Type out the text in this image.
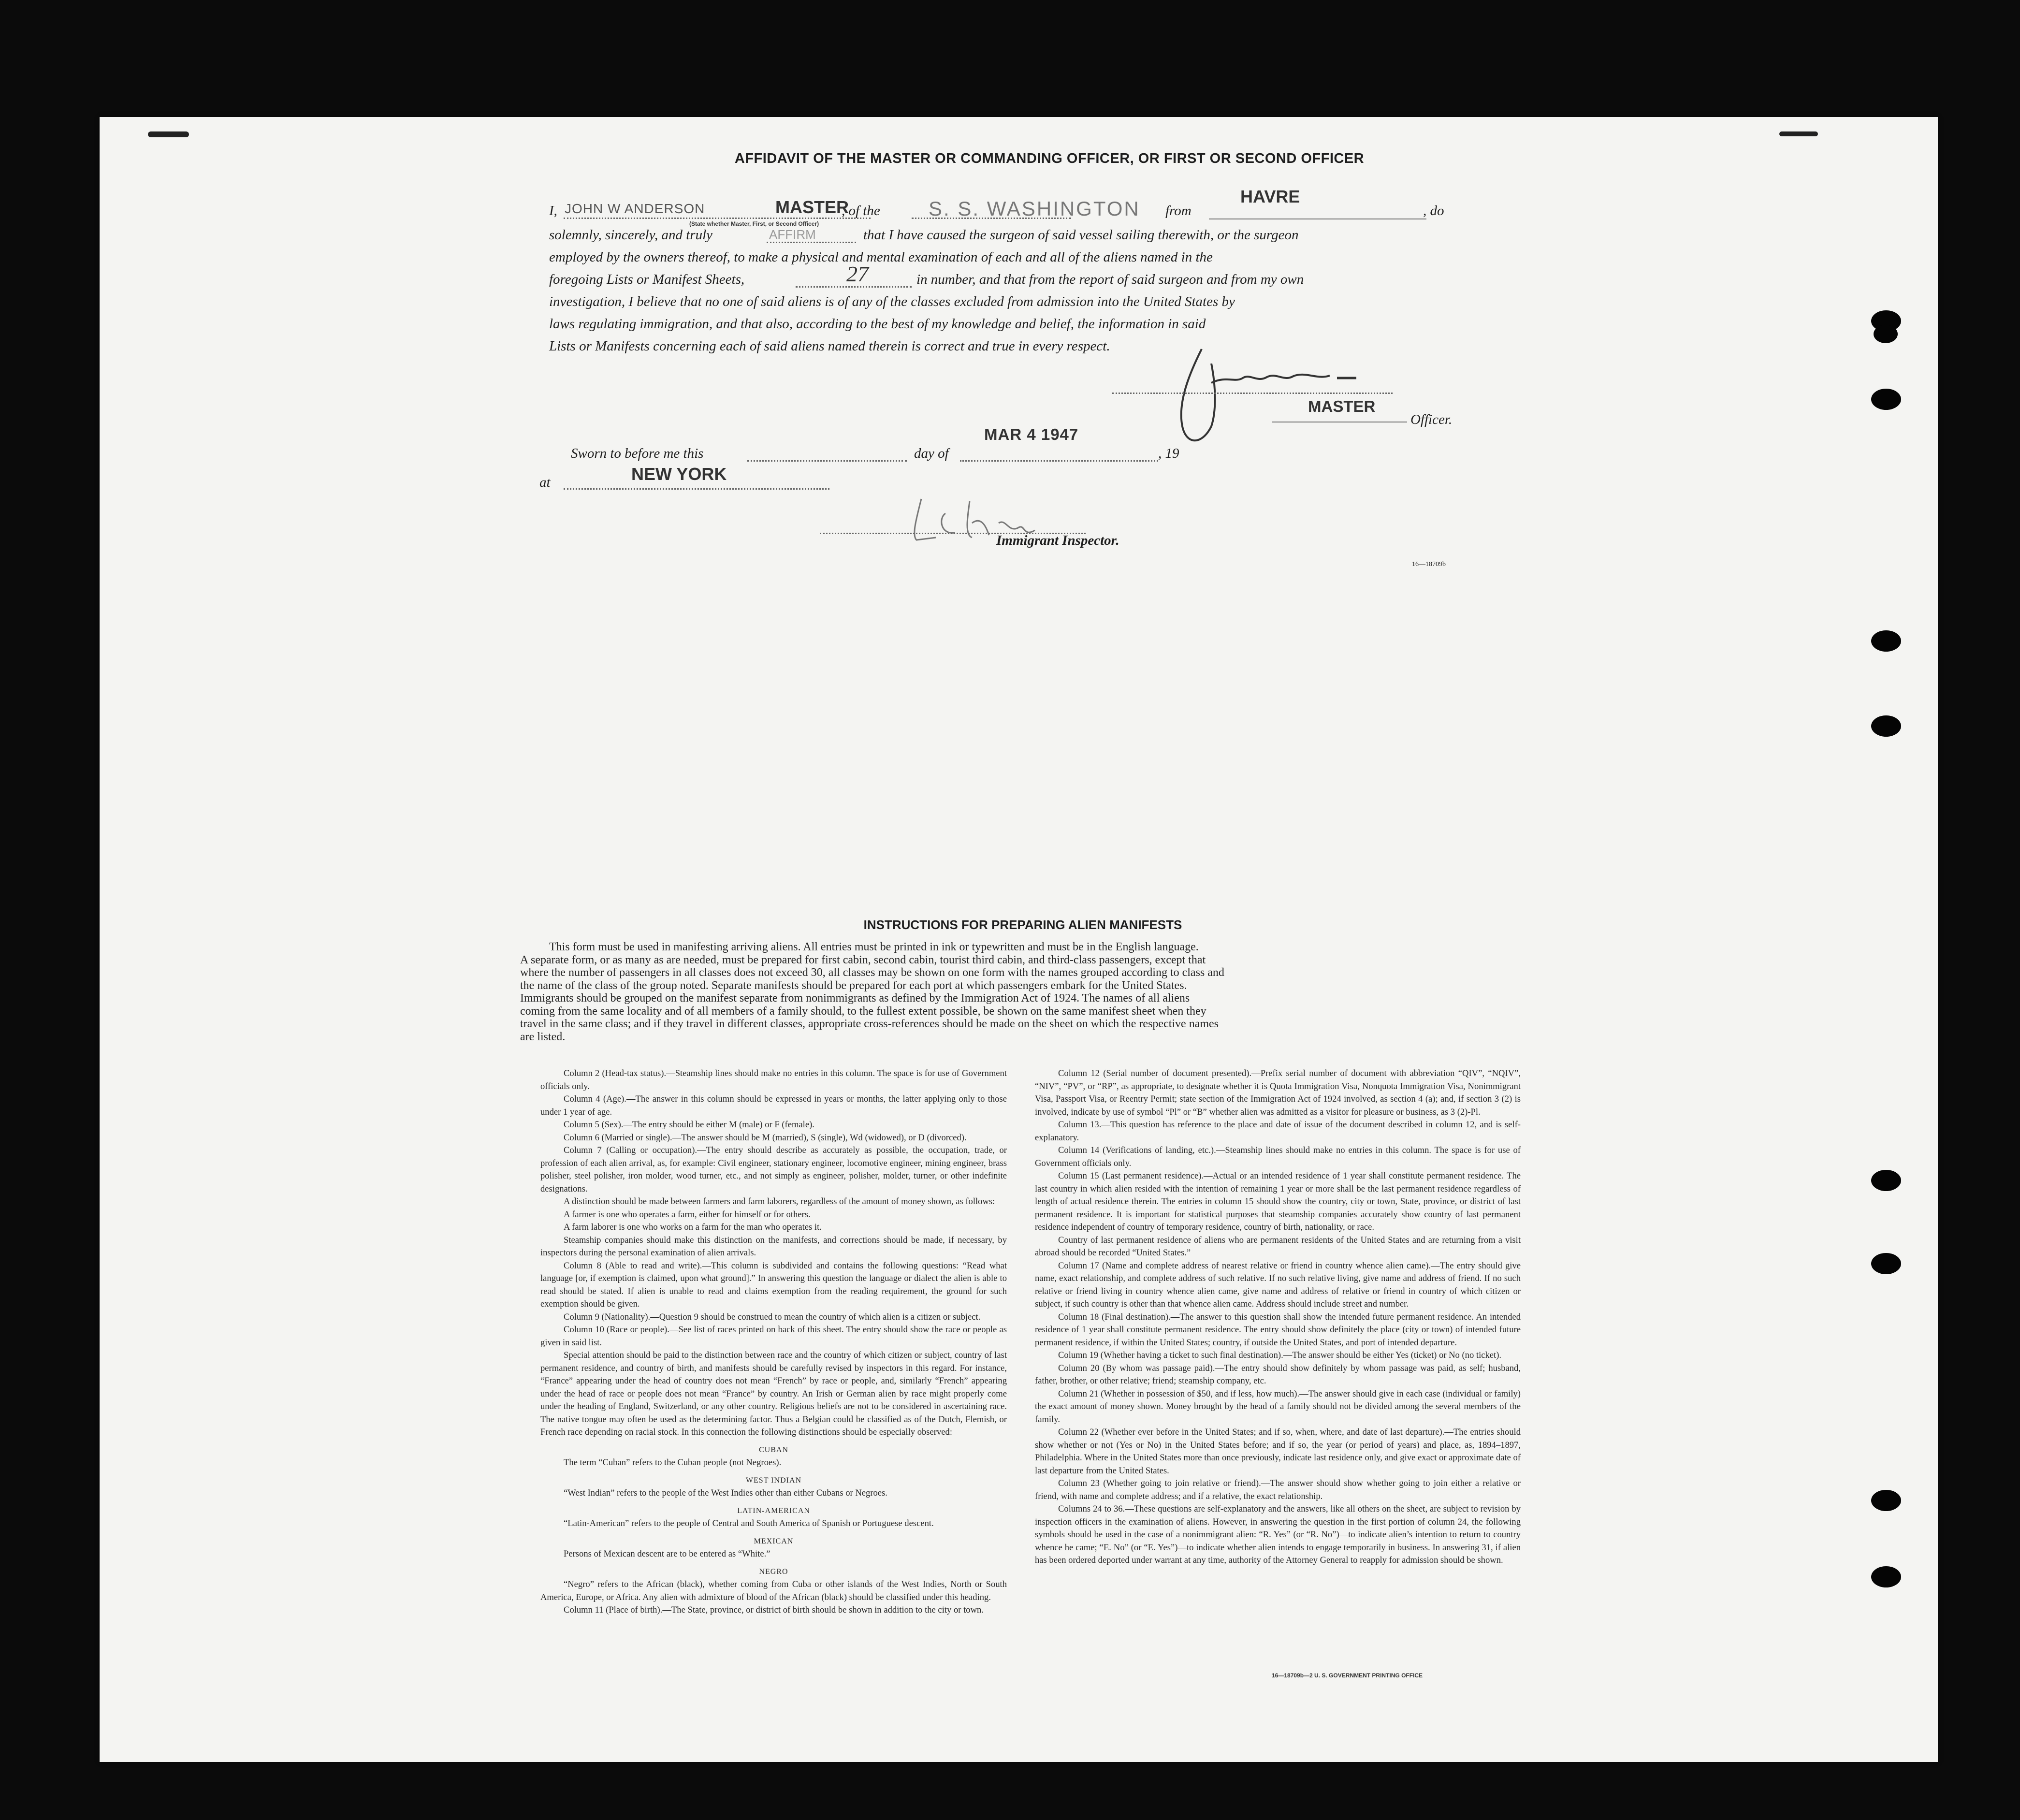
AFFIDAVIT OF THE MASTER OR COMMANDING OFFICER, OR FIRST OR SECOND OFFICER
I, JOHN W ANDERSON	MASTER
, of the S. S. WASHINGTON from
HAVRE
, do
(State whether Master, First, or Second Officer)
solemnly, sincerely, and truly	AFFIRM	that I have caused the surgeon of said vessel sailing therewith, or the surgeon
employed by the owners thereof, to make a physical and mental examination of each and all of the aliens named in the
foregoing Lists or Manifest Sheets,	27	in number, and that from the report of said surgeon and from my own
investigation, I believe that no one of said aliens is of any of the classes excluded from admission into the United States by
laws regulating immigration, and that also, according to the best of my knowledge and belief, the information in said
Lists or Manifests concerning each of said aliens named therein is correct and true in every respect.
MASTER
Officer.
Sworn to before me this	day of
MAR 4 1947
, 19
at	NEW YORK
Immigrant Inspector.
16—18709b
INSTRUCTIONS FOR PREPARING ALIEN MANIFESTS
This form must be used in manifesting arriving aliens. All entries must be printed in ink or typewritten and must be in the English language.
A separate form, or as many as are needed, must be prepared for first cabin, second cabin, tourist third cabin, and third-class passengers, except that
where the number of passengers in all classes does not exceed 30, all classes may be shown on one form with the names grouped according to class and
the name of the class of the group noted. Separate manifests should be prepared for each port at which passengers embark for the United States.
Immigrants should be grouped on the manifest separate from nonimmigrants as defined by the Immigration Act of 1924. The names of all aliens
coming from the same locality and of all members of a family should, to the fullest extent possible, be shown on the same manifest sheet when they
travel in the same class; and if they travel in different classes, appropriate cross-references should be made on the sheet on which the respective names
are listed.

Column 2 (Head-tax status).—Steamship lines should make no entries in this column. The space is for use of Government officials only.

Column 4 (Age).—The answer in this column should be expressed in years or months, the latter applying only to those under 1 year of age.

Column 5 (Sex).—The entry should be either M (male) or F (female).

Column 6 (Married or single).—The answer should be M (married), S (single), Wd (widowed), or D (divorced).

Column 7 (Calling or occupation).—The entry should describe as accurately as possible, the occupation, trade, or profession of each alien arrival, as, for example: Civil engineer, stationary engineer, locomotive engineer, mining engineer, brass polisher, steel polisher, iron molder, wood turner, etc., and not simply as engineer, polisher, molder, turner, or other indefinite designations.

A distinction should be made between farmers and farm laborers, regardless of the amount of money shown, as follows:

A farmer is one who operates a farm, either for himself or for others.

A farm laborer is one who works on a farm for the man who operates it.

Steamship companies should make this distinction on the manifests, and corrections should be made, if necessary, by inspectors during the personal examination of alien arrivals.

Column 8 (Able to read and write).—This column is subdivided and contains the following questions: “Read what language [or, if exemption is claimed, upon what ground].” In answering this question the language or dialect the alien is able to read should be stated. If alien is unable to read and claims exemption from the reading requirement, the ground for such exemption should be given.

Column 9 (Nationality).—Question 9 should be construed to mean the country of which alien is a citizen or subject.

Column 10 (Race or people).—See list of races printed on back of this sheet. The entry should show the race or people as given in said list.

Special attention should be paid to the distinction between race and the country of which citizen or subject, country of last permanent residence, and country of birth, and manifests should be carefully revised by inspectors in this regard. For instance, “France” appearing under the head of country does not mean “French” by race or people, and, similarly “French” appearing under the head of race or people does not mean “France” by country. An Irish or German alien by race might properly come under the heading of England, Switzerland, or any other country. Religious beliefs are not to be considered in ascertaining race. The native tongue may often be used as the determining factor. Thus a Belgian could be classified as of the Dutch, Flemish, or French race depending on racial stock. In this connection the following distinctions should be especially observed:

CUBAN

The term “Cuban” refers to the Cuban people (not Negroes).

WEST INDIAN

“West Indian” refers to the people of the West Indies other than either Cubans or Negroes.

LATIN-AMERICAN

“Latin-American” refers to the people of Central and South America of Spanish or Portuguese descent.

MEXICAN

Persons of Mexican descent are to be entered as “White.”

NEGRO

“Negro” refers to the African (black), whether coming from Cuba or other islands of the West Indies, North or South America, Europe, or Africa. Any alien with admixture of blood of the African (black) should be classified under this heading.

Column 11 (Place of birth).—The State, province, or district of birth should be shown in addition to the city or town.

Column 12 (Serial number of document presented).—Prefix serial number of document with abbreviation “QIV”, “NQIV”, “NIV”, “PV”, or “RP”, as appropriate, to designate whether it is Quota Immigration Visa, Nonquota Immigration Visa, Nonimmigrant Visa, Passport Visa, or Reentry Permit; state section of the Immigration Act of 1924 involved, as section 4 (a); and, if section 3 (2) is involved, indicate by use of symbol “Pl” or “B” whether alien was admitted as a visitor for pleasure or business, as 3 (2)-Pl.

Column 13.—This question has reference to the place and date of issue of the document described in column 12, and is self-explanatory.

Column 14 (Verifications of landing, etc.).—Steamship lines should make no entries in this column. The space is for use of Government officials only.

Column 15 (Last permanent residence).—Actual or an intended residence of 1 year shall constitute permanent residence. The last country in which alien resided with the intention of remaining 1 year or more shall be the last permanent residence regardless of length of actual residence therein. The entries in column 15 should show the country, city or town, State, province, or district of last permanent residence. It is important for statistical purposes that steamship companies accurately show country of last permanent residence independent of country of temporary residence, country of birth, nationality, or race.

Country of last permanent residence of aliens who are permanent residents of the United States and are returning from a visit abroad should be recorded “United States.”

Column 17 (Name and complete address of nearest relative or friend in country whence alien came).—The entry should give name, exact relationship, and complete address of such relative. If no such relative living, give name and address of friend. If no such relative or friend living in country whence alien came, give name and address of relative or friend in country of which citizen or subject, if such country is other than that whence alien came. Address should include street and number.

Column 18 (Final destination).—The answer to this question shall show the intended future permanent residence. An intended residence of 1 year shall constitute permanent residence. The entry should show definitely the place (city or town) of intended future permanent residence, if within the United States; country, if outside the United States, and port of intended departure.

Column 19 (Whether having a ticket to such final destination).—The answer should be either Yes (ticket) or No (no ticket).

Column 20 (By whom was passage paid).—The entry should show definitely by whom passage was paid, as self; husband, father, brother, or other relative; friend; steamship company, etc.

Column 21 (Whether in possession of $50, and if less, how much).—The answer should give in each case (individual or family) the exact amount of money shown. Money brought by the head of a family should not be divided among the several members of the family.

Column 22 (Whether ever before in the United States; and if so, when, where, and date of last departure).—The entries should show whether or not (Yes or No) in the United States before; and if so, the year (or period of years) and place, as, 1894–1897, Philadelphia. Where in the United States more than once previously, indicate last residence only, and give exact or approximate date of last departure from the United States.

Column 23 (Whether going to join relative or friend).—The answer should show whether going to join either a relative or friend, with name and complete address; and if a relative, the exact relationship.

Columns 24 to 36.—These questions are self-explanatory and the answers, like all others on the sheet, are subject to revision by inspection officers in the examination of aliens. However, in answering the question in the first portion of column 24, the following symbols should be used in the case of a nonimmigrant alien: “R. Yes” (or “R. No”)—to indicate alien’s intention to return to country whence he came; “E. No” (or “E. Yes”)—to indicate whether alien intends to engage temporarily in business. In answering 31, if alien has been ordered deported under warrant at any time, authority of the Attorney General to reapply for admission should be shown.

16—18709b—2 U. S. GOVERNMENT PRINTING OFFICE
